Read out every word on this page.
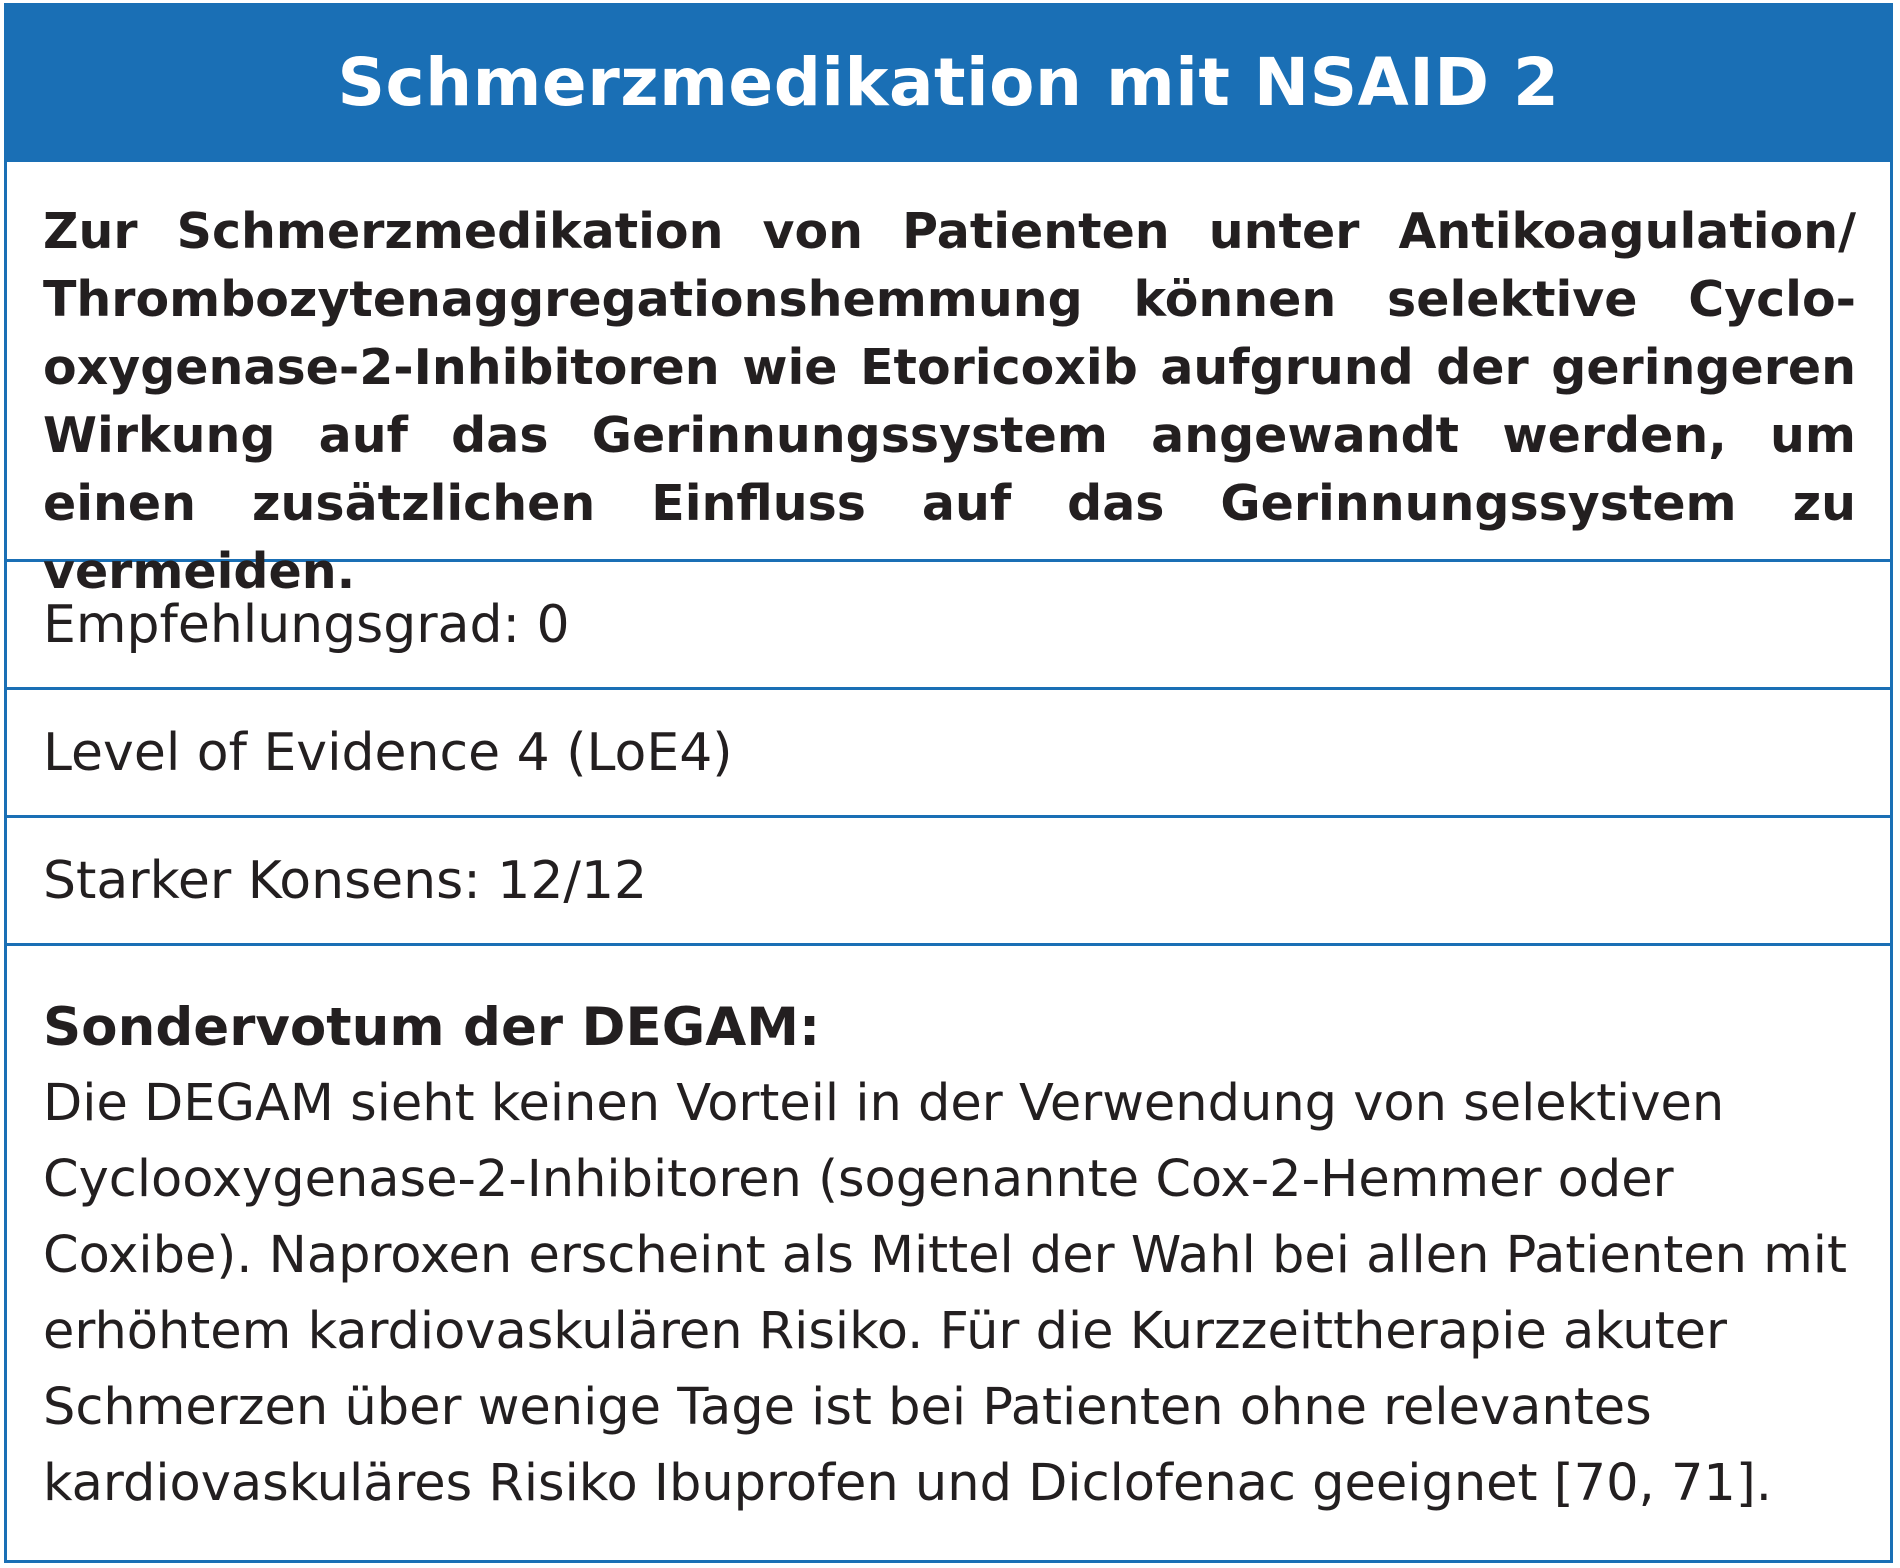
Schmerzmedikation mit NSAID 2
Zur Schmerzmedikation von Patienten unter Antikoagulation/ Thrombozytenaggregationshemmung können selektive Cyclooxygenase-2-Inhibitoren wie Etoricoxib aufgrund der geringeren Wirkung auf das Gerinnungssystem angewandt werden, um einen zusätzlichen Einfluss auf das Gerinnungssystem zu vermeiden.
Empfehlungsgrad: 0
Level of Evidence 4 (LoE4)
Starker Konsens: 12/12
Sondervotum der DEGAM:
Die DEGAM sieht keinen Vorteil in der Verwendung von selektiven Cyclooxygenase-2-Inhibitoren (sogenannte Cox-2-Hemmer oder Coxibe). Naproxen erscheint als Mittel der Wahl bei allen Patienten mit erhöhtem kardiovaskulären Risiko. Für die Kurzzeittherapie akuter Schmerzen über wenige Tage ist bei Patienten ohne relevantes kardiovaskuläres Risiko Ibuprofen und Diclofenac geeignet [70, 71].
